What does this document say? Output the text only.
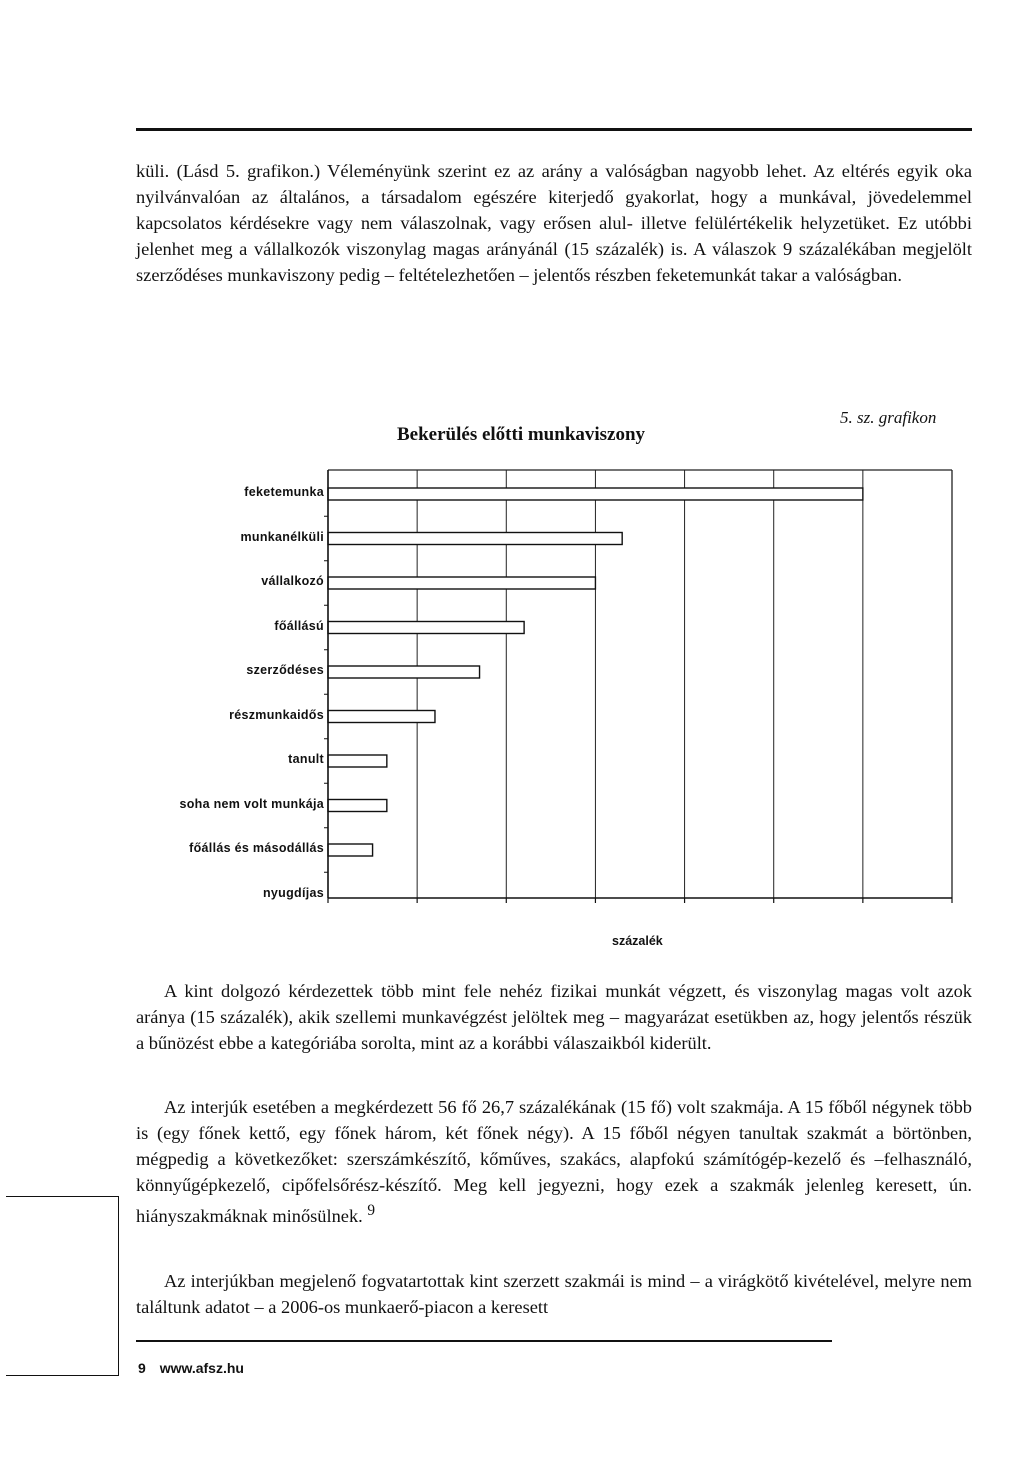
küli. (Lásd 5. grafikon.) Véleményünk szerint ez az arány a valóságban nagyobb lehet. Az eltérés egyik oka nyilvánvalóan az általános, a társadalom egészére kiterjedő gyakorlat, hogy a munkával, jövedelemmel kapcsolatos kérdésekre vagy nem válaszolnak, vagy erősen alul- illetve felülértékelik helyzetüket. Ez utóbbi jelenhet meg a vállalkozók viszonylag magas arányánál (15 százalék) is. A válaszok 9 százalékában megjelölt szerződéses munkaviszony pedig – feltételezhetően – jelentős részben feketemunkát takar a valóságban.

5. sz. grafikon
Bekerülés előtti munkaviszony
feketemunka
munkanélküli
vállalkozó
főállású
szerződéses
részmunkaidős
tanult
soha nem volt munkája
főállás és másodállás
nyugdíjas
százalék

A kint dolgozó kérdezettek több mint fele nehéz fizikai munkát végzett, és viszonylag magas volt azok aránya (15 százalék), akik szellemi munkavégzést jelöltek meg – magyarázat esetükben az, hogy jelentős részük a bűnözést ebbe a kategóriába sorolta, mint az a korábbi válaszaikból kiderült.

Az interjúk esetében a megkérdezett 56 fő 26,7 százalékának (15 fő) volt szakmája. A 15 főből négynek több is (egy főnek kettő, egy főnek három, két főnek négy). A 15 főből négyen tanultak szakmát a börtönben, mégpedig a következőket: szerszámkészítő, kőműves, szakács, alapfokú számítógép-kezelő és –felhasználó, könnyűgépkezelő, cipőfelsőrész-készítő. Meg kell jegyezni, hogy ezek a szakmák jelenleg keresett, ún. hiányszakmáknak minősülnek. $^9$

Az interjúkban megjelenő fogvatartottak kint szerzett szakmái is mind – a virágkötő kivételével, melyre nem találtunk adatot – a 2006-os munkaerő-piacon a keresett

9 www.afsz.hu
